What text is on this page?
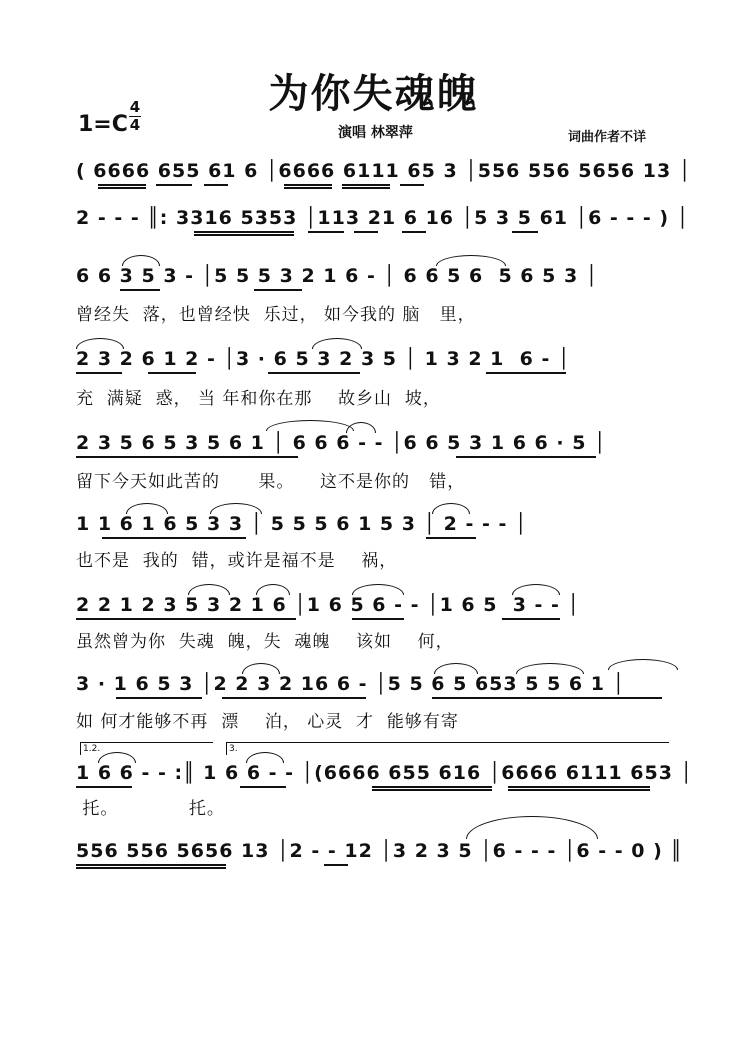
为你失魂魄
1=C
4
4	演唱 林翠萍	词曲作者不详
( 6666 655 61 6 │6666 6111 65 3 │556 556 5656 13 │
2 - - - ║: 3316 5353 │113 21 6 16 │5 3 5 61 │6 - - - ) │
6 6 3 5 3 - │5 5 5 3 2 1 6 - │ 6 6 5 6  5 6 5 3 │
曾经失  落，也曾经快  乐过， 如今我的 脑   里，
2 3 2 6 1 2 - │3 · 6 5 3 2 3 5 │ 1 3 2 1  6 - │
充  满疑  惑， 当 年和你在那    故乡山  坡，
2 3 5 6 5 3 5 6 1 │ 6 6 6 - - │6 6 5 3 1 6 6 · 5 │
留下今天如此苦的      果。    这不是你的   错，
1 1 6 1 6 5 3 3 │ 5 5 5 6 1 5 3 │ 2 - - - │
也不是  我的  错，或许是福不是    祸，
2 2 1 2 3 5 3 2 1 6 │1 6 5 6 - - │1 6 5  3 - - │
虽然曾为你  失魂  魄，失  魂魄    该如    何，
3 · 1 6 5 3 │2 2 3 2 16 6 - │5 5 6 5 653 5 5 6 1 │
如 何才能够不再  漂    泊， 心灵  才  能够有寄
1.2.	3.
1 6 6 - - :║ 1 6 6 - - │(6666 655 616 │6666 6111 653 │
托。           托。
556 556 5656 13 │2 - - 12 │3 2 3 5 │6 - - - │6 - - 0 ) ║
